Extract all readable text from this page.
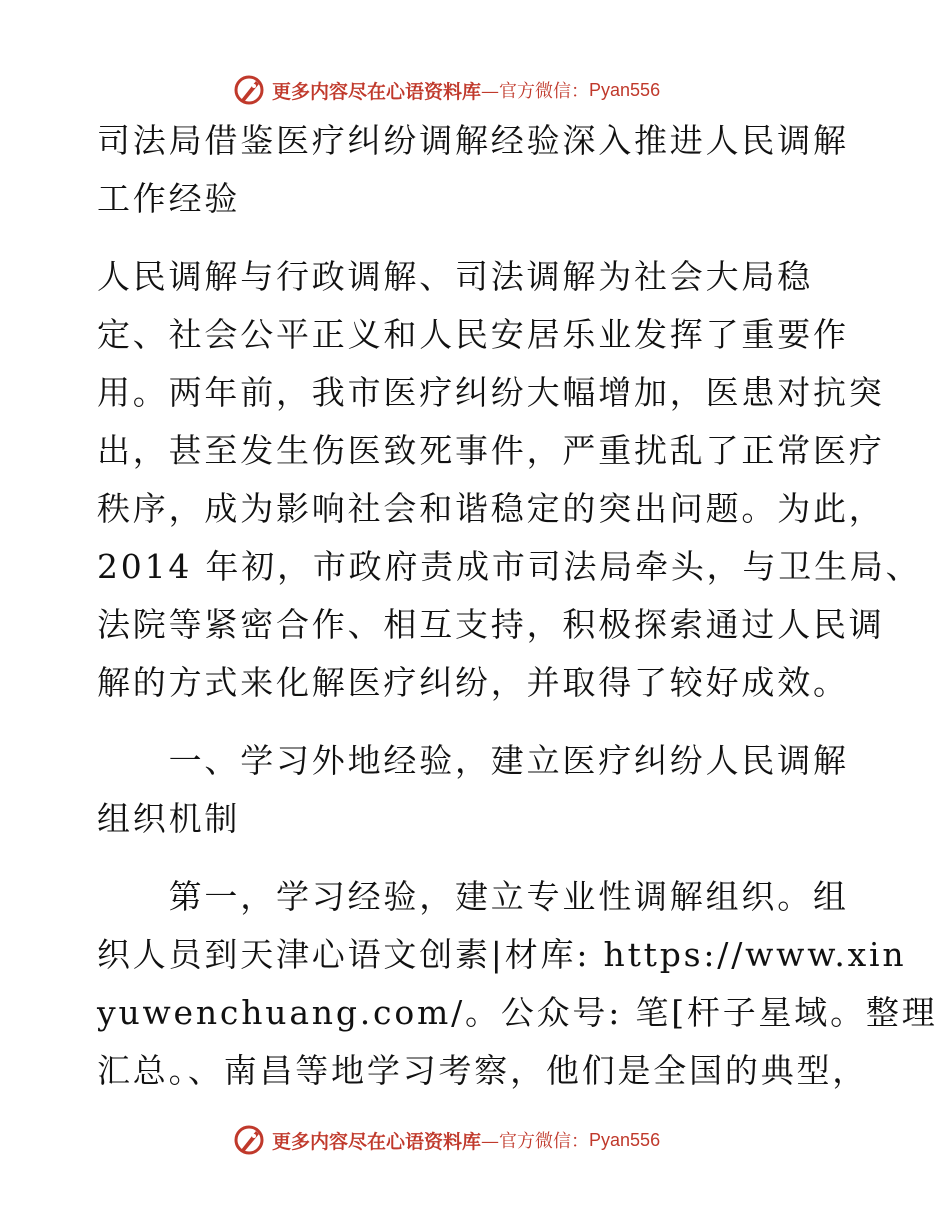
更多内容尽在心语资料库 —官方微信： Pyan556
司法局借鉴医疗纠纷调解经验深入推进人民调解
工作经验
人民调解与行政调解、司法调解为社会大局稳
定、社会公平正义和人民安居乐业发挥了重要作
用。两年前，我市医疗纠纷大幅增加，医患对抗突
出，甚至发生伤医致死事件，严重扰乱了正常医疗
秩序，成为影响社会和谐稳定的突出问题。为此，
2014 年初，市政府责成市司法局牵头，与卫生局、
法院等紧密合作、相互支持，积极探索通过人民调
解的方式来化解医疗纠纷，并取得了较好成效。
　　一、学习外地经验，建立医疗纠纷人民调解
组织机制
　　第一，学习经验，建立专业性调解组织。组
织人员到天津心语文创素|材库: https://www.xin
yuwenchuang.com/。公众号: 笔[杆子星域。整理
汇总。、南昌等地学习考察，他们是全国的典型，
更多内容尽在心语资料库 —官方微信： Pyan556
